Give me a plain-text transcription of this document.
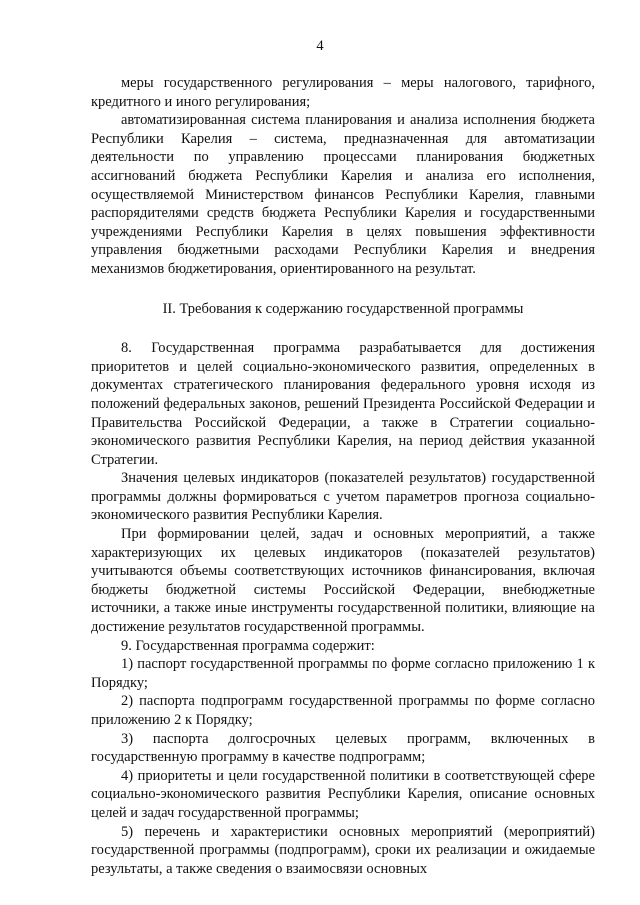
4

меры государственного регулирования – меры налогового, тарифного, кредитного и иного регулирования;

автоматизированная система планирования и анализа исполнения бюджета Республики Карелия – система, предназначенная для автоматизации деятельности по управлению процессами планирования бюджетных ассигнований бюджета Республики Карелия и анализа его исполнения, осуществляемой Министерством финансов Республики Карелия, главными распорядителями средств бюджета Республики Карелия и государственными учреждениями Республики Карелия в целях повышения эффективности управления бюджетными расходами Республики Карелия и внедрения механизмов бюджетирования, ориентированного на результат.

II. Требования к содержанию государственной программы

8. Государственная программа разрабатывается для достижения приоритетов и целей социально-экономического развития, определенных в документах стратегического планирования федерального уровня исходя из положений федеральных законов, решений Президента Российской Федерации и Правительства Российской Федерации, а также в Стратегии социально-экономического развития Республики Карелия, на период действия указанной Стратегии.

Значения целевых индикаторов (показателей результатов) государственной программы должны формироваться с учетом параметров прогноза социально-экономического развития Республики Карелия.

При формировании целей, задач и основных мероприятий, а также характеризующих их целевых индикаторов (показателей результатов) учитываются объемы соответствующих источников финансирования, включая бюджеты бюджетной системы Российской Федерации, внебюджетные источники, а также иные инструменты государственной политики, влияющие на достижение результатов государственной программы.

9. Государственная программа содержит:

1) паспорт государственной программы по форме согласно приложению 1 к Порядку;

2) паспорта подпрограмм государственной программы по форме согласно приложению 2 к Порядку;

3) паспорта долгосрочных целевых программ, включенных в государственную программу в качестве подпрограмм;

4) приоритеты и цели государственной политики в соответствующей сфере социально-экономического развития Республики Карелия, описание основных целей и задач государственной программы;

5) перечень и характеристики основных мероприятий (мероприятий) государственной программы (подпрограмм), сроки их реализации и ожидаемые результаты, а также сведения о взаимосвязи основных
